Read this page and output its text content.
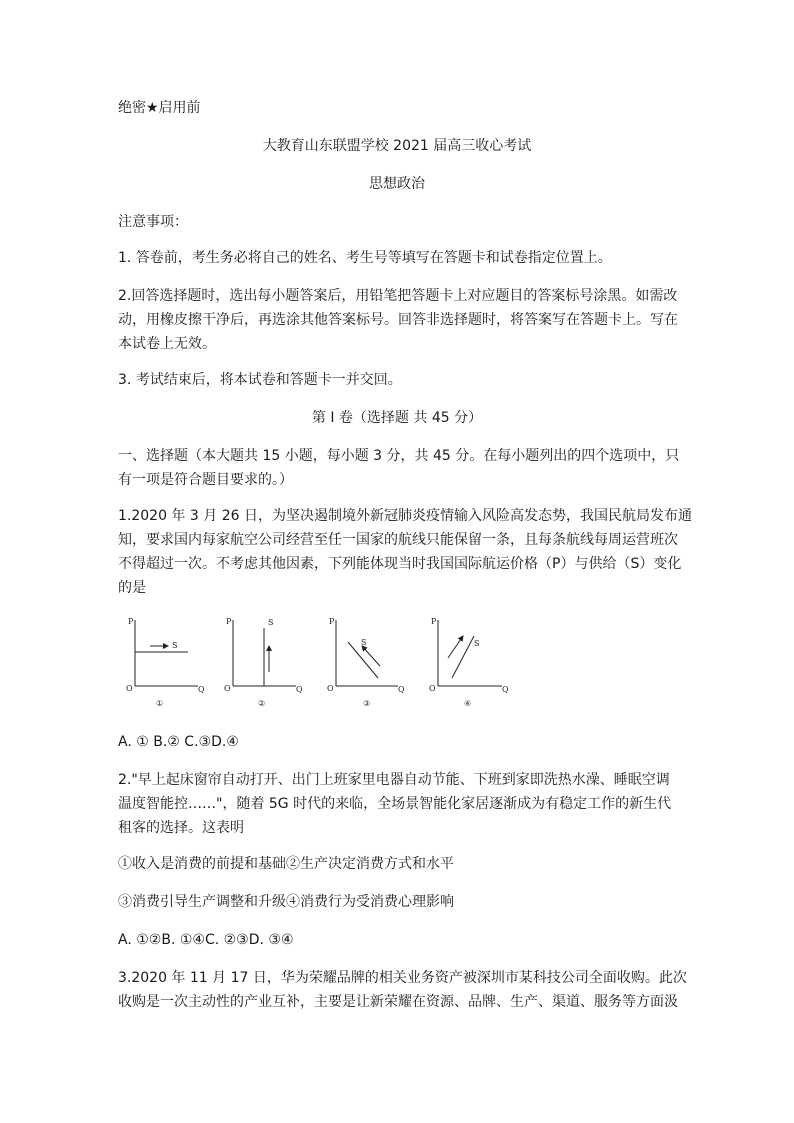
绝密★启用前
大教育山东联盟学校 2021 届高三收心考试
思想政治
注意事项：
1. 答卷前，考生务必将自己的姓名、考生号等填写在答题卡和试卷指定位置上。
2.回答选择题时，选出每小题答案后，用铅笔把答题卡上对应题目的答案标号涂黑。如需改
动，用橡皮擦干净后，再选涂其他答案标号。回答非选择题时，将答案写在答题卡上。写在
本试卷上无效。
3. 考试结束后，将本试卷和答题卡一并交回。
第 I 卷（选择题 共 45 分）
一、选择题（本大题共 15 小题，每小题 3 分，共 45 分。在每小题列出的四个选项中，只
有一项是符合题目要求的。）
1.2020 年 3 月 26 日，为坚决遏制境外新冠肺炎疫情输入风险高发态势，我国民航局发布通
知，要求国内每家航空公司经营至任一国家的航线只能保留一条，且每条航线每周运营班次
不得超过一次。不考虑其他因素，下列能体现当时我国国际航运价格（P）与供给（S）变化
的是
P
Q
O
S
①
P
Q
O
S
②
P
Q
O
S
③
P
Q
O
S
④
A. ① B.② C.③D.④
2."早上起床窗帘自动打开、出门上班家里电器自动节能、下班到家即洗热水澡、睡眠空调
温度智能控……"，随着 5G 时代的来临，全场景智能化家居逐渐成为有稳定工作的新生代
租客的选择。这表明
①收入是消费的前提和基础②生产决定消费方式和水平
③消费引导生产调整和升级④消费行为受消费心理影响
A. ①②B. ①④C. ②③D. ③④
3.2020 年 11 月 17 日，华为荣耀品牌的相关业务资产被深圳市某科技公司全面收购。此次
收购是一次主动性的产业互补，主要是让新荣耀在资源、品牌、生产、渠道、服务等方面汲
